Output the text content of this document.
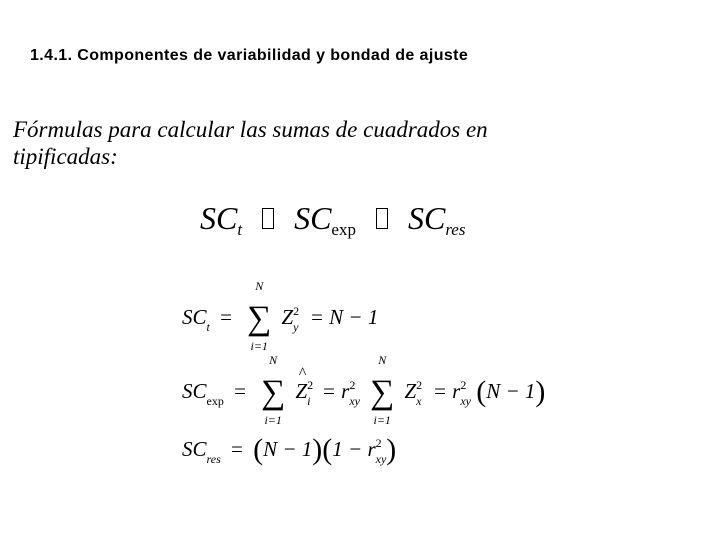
1.4.1. Componentes de variabilidad y bondad de ajuste

Fórmulas para calcular las sumas de cuadrados en tipificadas:

SCt SCexp SCres
$SC_t$ =
N
∑
i=1
$Z^2_y = N - 1$
$SC_{exp}$ =
N
∑
i=1
^ $Z^2_i = r^2_{xy}$
N
∑
i=1
$Z^2_x = r^2_{xy}$ (N − 1)
$SC_{res} = (N - 1)(1 - r^2_{xy})$
